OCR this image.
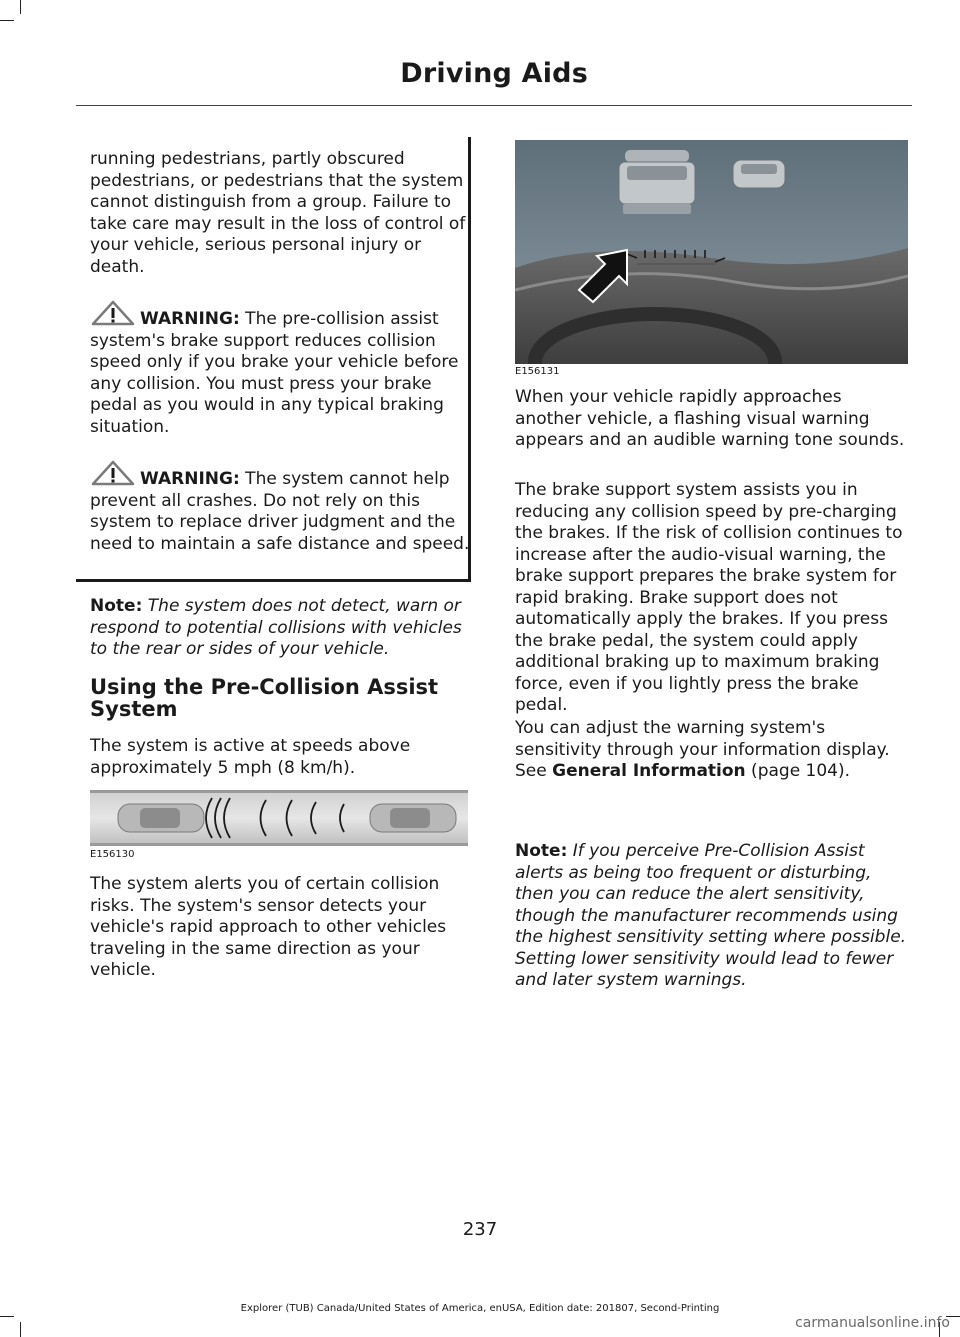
Driving Aids

running pedestrians, partly obscured pedestrians, or pedestrians that the system cannot distinguish from a group. Failure to take care may result in the loss of control of your vehicle, serious personal injury or death.

WARNING: The pre-collision assist system's brake support reduces collision speed only if you brake your vehicle before any collision. You must press your brake pedal as you would in any typical braking situation.

WARNING: The system cannot help prevent all crashes. Do not rely on this system to replace driver judgment and the need to maintain a safe distance and speed.

Note: The system does not detect, warn or respond to potential collisions with vehicles to the rear or sides of your vehicle.

Using the Pre-Collision Assist System

The system is active at speeds above approximately 5 mph (8 km/h).

E156130

The system alerts you of certain collision risks. The system's sensor detects your vehicle's rapid approach to other vehicles traveling in the same direction as your vehicle.

E156131

When your vehicle rapidly approaches another vehicle, a flashing visual warning appears and an audible warning tone sounds.

The brake support system assists you in reducing any collision speed by pre-charging the brakes. If the risk of collision continues to increase after the audio-visual warning, the brake support prepares the brake system for rapid braking. Brake support does not automatically apply the brakes. If you press the brake pedal, the system could apply additional braking up to maximum braking force, even if you lightly press the brake pedal.

You can adjust the warning system's sensitivity through your information display. See General Information (page 104).

Note: If you perceive Pre-Collision Assist alerts as being too frequent or disturbing, then you can reduce the alert sensitivity, though the manufacturer recommends using the highest sensitivity setting where possible. Setting lower sensitivity would lead to fewer and later system warnings.

237
Explorer (TUB) Canada/United States of America, enUSA, Edition date: 201807, Second-Printing
carmanualsonline.info
